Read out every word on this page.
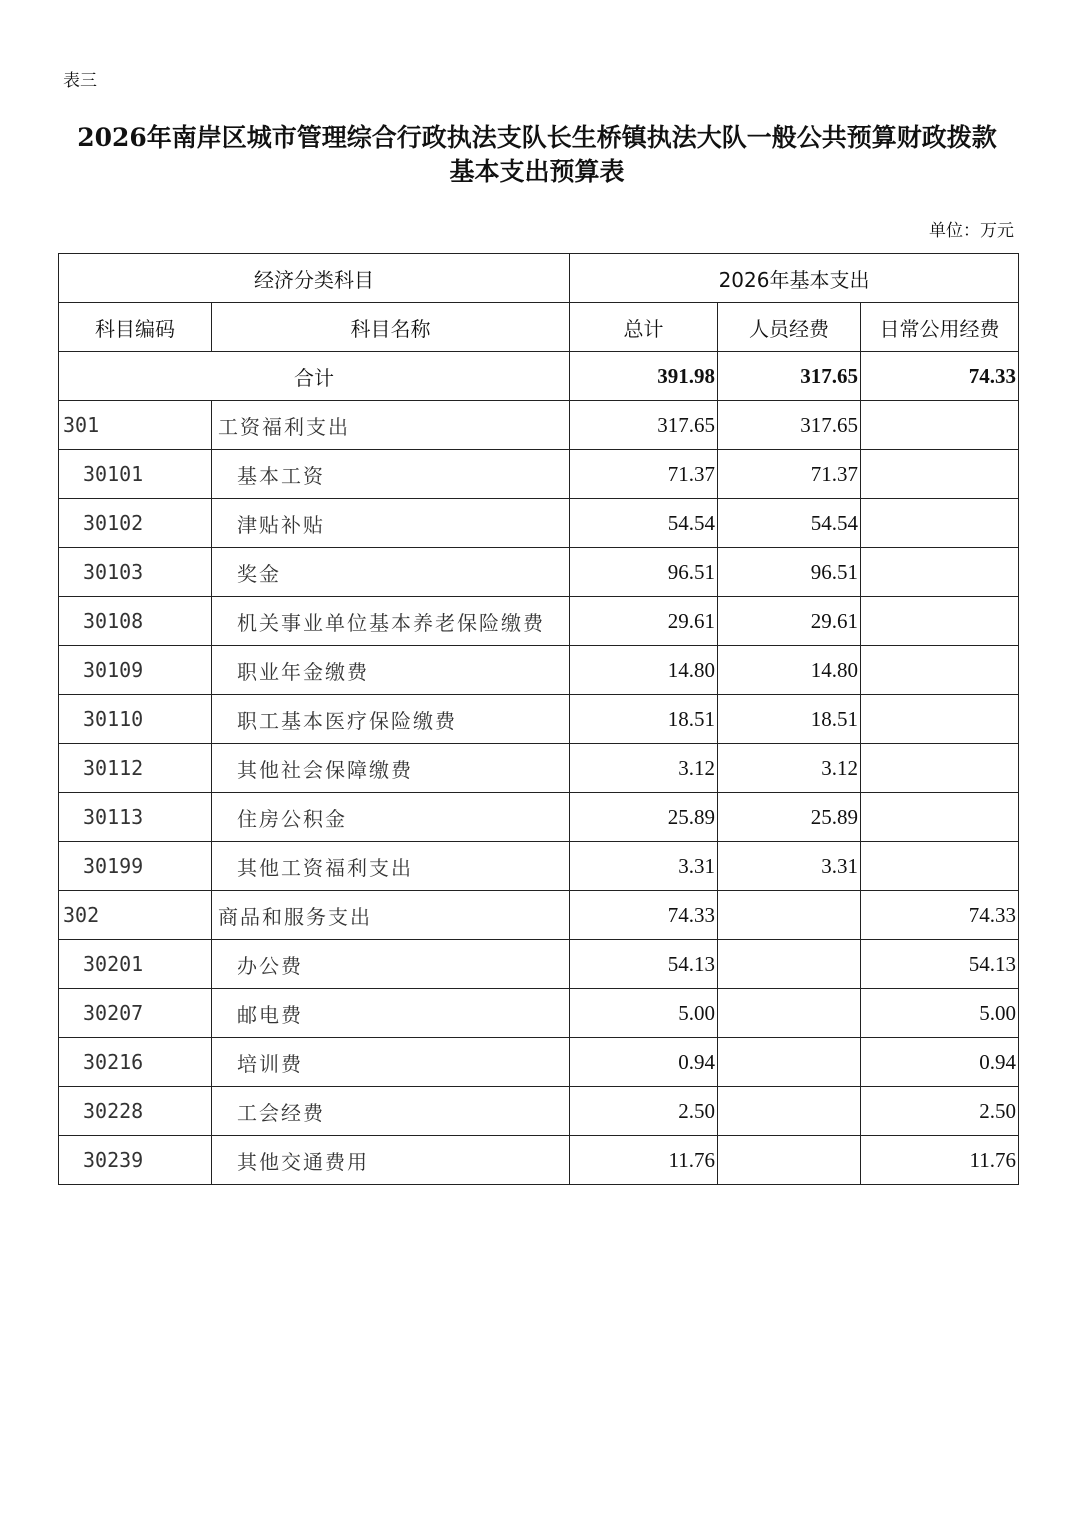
表三
2026年南岸区城市管理综合行政执法支队长生桥镇执法大队一般公共预算财政拨款
基本支出预算表
单位：万元
经济分类科目		2026年基本支出		
科目编码	科目名称	总计	人员经费	日常公用经费
合计		391.98	317.65	74.33
301	工资福利支出	317.65	317.65	
30101	基本工资	71.37	71.37	
30102	津贴补贴	54.54	54.54	
30103	奖金	96.51	96.51	
30108	机关事业单位基本养老保险缴费	29.61	29.61	
30109	职业年金缴费	14.80	14.80	
30110	职工基本医疗保险缴费	18.51	18.51	
30112	其他社会保障缴费	3.12	3.12	
30113	住房公积金	25.89	25.89	
30199	其他工资福利支出	3.31	3.31	
302	商品和服务支出	74.33		74.33
30201	办公费	54.13		54.13
30207	邮电费	5.00		5.00
30216	培训费	0.94		0.94
30228	工会经费	2.50		2.50
30239	其他交通费用	11.76		11.76
